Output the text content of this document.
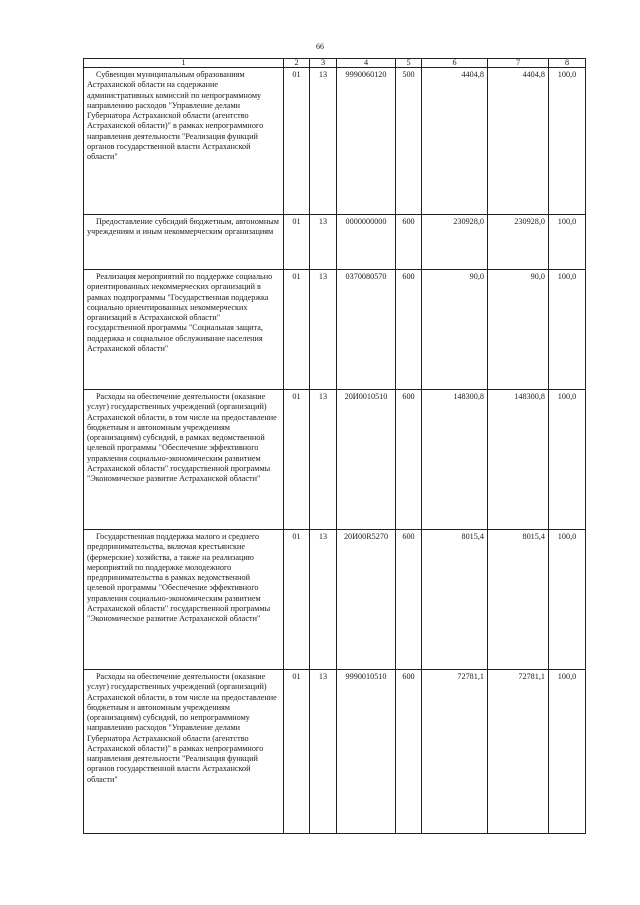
66
1	2	3	4	5	6	7	8
Субвенции муниципальным образованиям Астраханской области на содержание административных комиссий по непрограммному направлению расходов "Управление делами Губернатора Астраханской области (агентство Астраханской области)" в рамках непрограммного направления деятельности "Реализация функций органов государственной власти Астраханской области"	01	13	9990060120	500	4404,8	4404,8	100,0
Предоставление субсидий бюджетным, автономным учреждениям и иным некоммерческим организациям	01	13	0000000000	600	230928,0	230928,0	100,0
Реализация мероприятий по поддержке социально ориентированных некоммерческих организаций в рамках подпрограммы "Государственная поддержка социально ориентированных некоммерческих организаций в Астраханской области" государственной программы "Социальная защита, поддержка и социальное обслуживание населения Астраханской области"	01	13	0370080570	600	90,0	90,0	100,0
Расходы на обеспечение деятельности (оказание услуг) государственных учреждений (организаций) Астраханской области, в том числе на предоставление бюджетным и автономным учреждениям (организациям) субсидий, в рамках ведомственной целевой программы "Обеспечение эффективного управления социально-экономическим развитием Астраханской области" государственной программы "Экономическое развитие Астраханской области"	01	13	20И0010510	600	148300,8	148300,8	100,0
Государственная поддержка малого и среднего предпринимательства, включая крестьянские (фермерские) хозяйства, а также на реализацию мероприятий по поддержке молодежного предпринимательства в рамках ведомственной целевой программы "Обеспечение эффективного управления социально-экономическим развитием Астраханской области" государственной программы "Экономическое развитие Астраханской области"	01	13	20И00R5270	600	8015,4	8015,4	100,0
Расходы на обеспечение деятельности (оказание услуг) государственных учреждений (организаций) Астраханской области, в том числе на предоставление бюджетным и автономным учреждениям (организациям) субсидий, по непрограммному направлению расходов "Управление делами Губернатора Астраханской области (агентство Астраханской области)" в рамках непрограммного направления деятельности "Реализация функций органов государственной власти Астраханской области"	01	13	9990010510	600	72781,1	72781,1	100,0
